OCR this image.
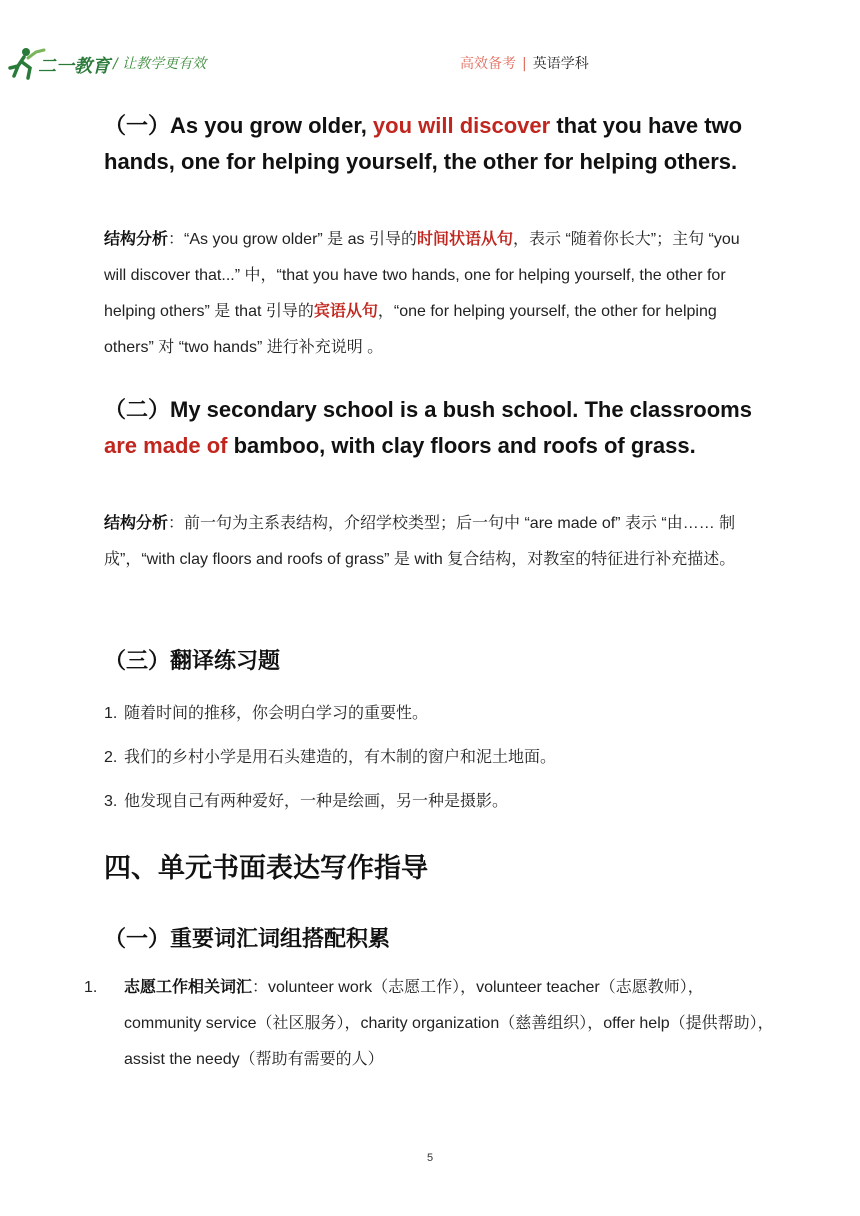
二一教育 / 让教学更有效	高效备考 | 英语学科
（一）As you grow older, you will discover that you have two hands, one for helping yourself, the other for helping others.
结构分析：“As you grow older” 是 as 引导的时间状语从句，表示 “随着你长大”；主句 “you will discover that...” 中，“that you have two hands, one for helping yourself, the other for helping others” 是 that 引导的宾语从句，“one for helping yourself, the other for helping others” 对 “two hands” 进行补充说明 。
（二）My secondary school is a bush school. The classrooms are made of bamboo, with clay floors and roofs of grass.
结构分析：前一句为主系表结构，介绍学校类型；后一句中 “are made of” 表示 “由…… 制成”，“with clay floors and roofs of grass” 是 with 复合结构，对教室的特征进行补充描述。
（三）翻译练习题
1. 随着时间的推移，你会明白学习的重要性。
2. 我们的乡村小学是用石头建造的，有木制的窗户和泥土地面。
3. 他发现自己有两种爱好，一种是绘画，另一种是摄影。
四、单元书面表达写作指导
（一）重要词汇词组搭配积累
1. 志愿工作相关词汇：volunteer work（志愿工作），volunteer teacher（志愿教师），community service（社区服务），charity organization（慈善组织），offer help（提供帮助），assist the needy（帮助有需要的人）
5
